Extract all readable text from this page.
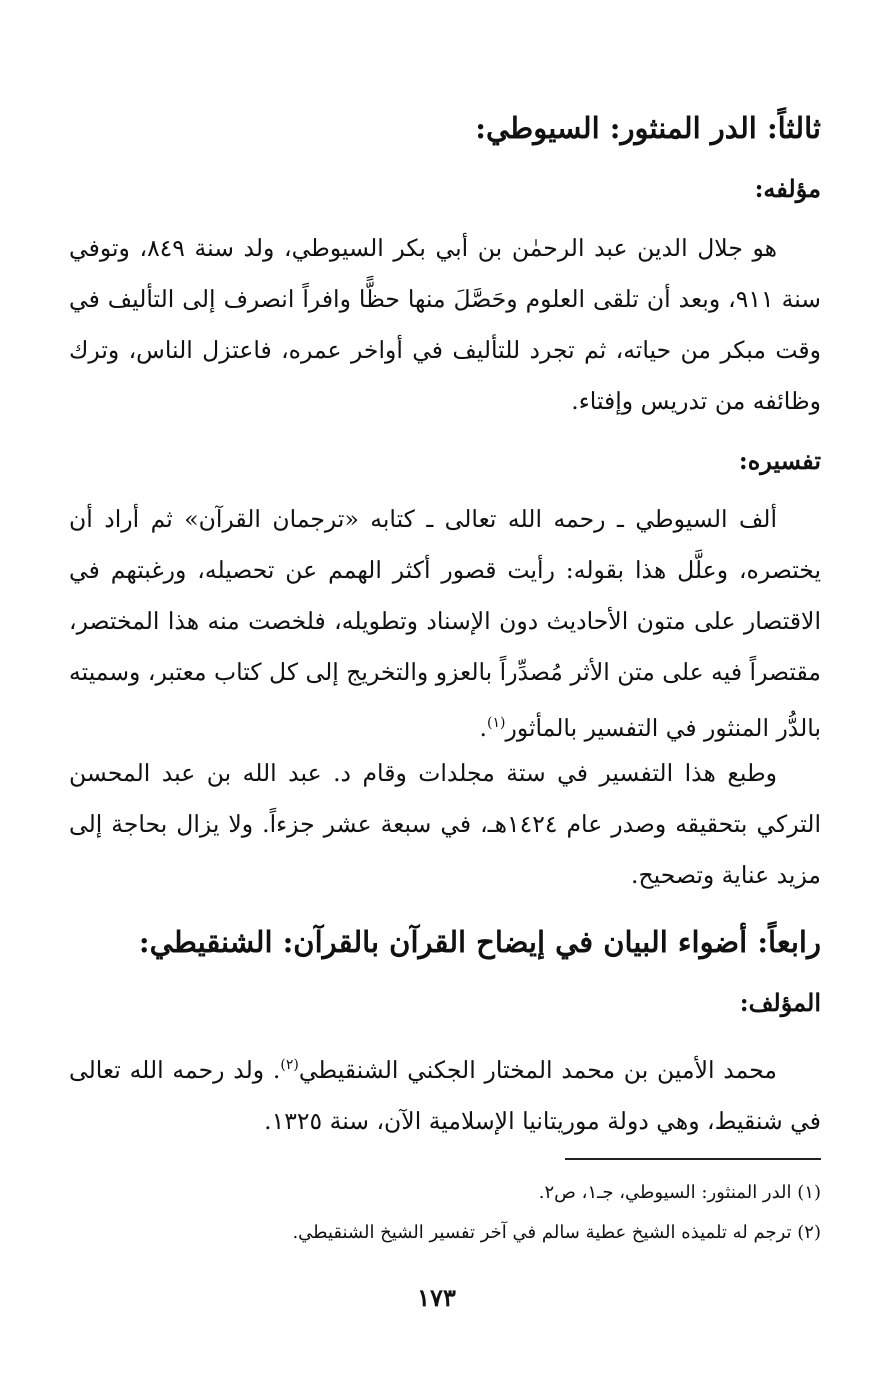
ثالثاً: الدر المنثور: السيوطي:
مؤلفه:

هو جلال الدين عبد الرحمٰن بن أبي بكر السيوطي، ولد سنة ٨٤٩، وتوفي سنة ٩١١، وبعد أن تلقى العلوم وحَصَّلَ منها حظًّا وافراً انصرف إلى التأليف في وقت مبكر من حياته، ثم تجرد للتأليف في أواخر عمره، فاعتزل الناس، وترك وظائفه من تدريس وإفتاء.

تفسيره:

ألف السيوطي ـ رحمه الله تعالى ـ كتابه «ترجمان القرآن» ثم أراد أن يختصره، وعلَّل هذا بقوله: رأيت قصور أكثر الهمم عن تحصيله، ورغبتهم في الاقتصار على متون الأحاديث دون الإسناد وتطويله، فلخصت منه هذا المختصر، مقتصراً فيه على متن الأثر مُصدِّراً بالعزو والتخريج إلى كل كتاب معتبر، وسميته بالدُّر المنثور في التفسير بالمأثور$^{(١)}$.

وطبع هذا التفسير في ستة مجلدات وقام د. عبد الله بن عبد المحسن التركي بتحقيقه وصدر عام ١٤٢٤هـ، في سبعة عشر جزءاً. ولا يزال بحاجة إلى مزيد عناية وتصحيح.

رابعاً: أضواء البيان في إيضاح القرآن بالقرآن: الشنقيطي:
المؤلف:

محمد الأمين بن محمد المختار الجكني الشنقيطي$^{(٢)}$. ولد رحمه الله تعالى في شنقيط، وهي دولة موريتانيا الإسلامية الآن، سنة ١٣٢٥.

(١) الدر المنثور: السيوطي، جـ١، ص٢.

(٢) ترجم له تلميذه الشيخ عطية سالم في آخر تفسير الشيخ الشنقيطي.

١٧٣
